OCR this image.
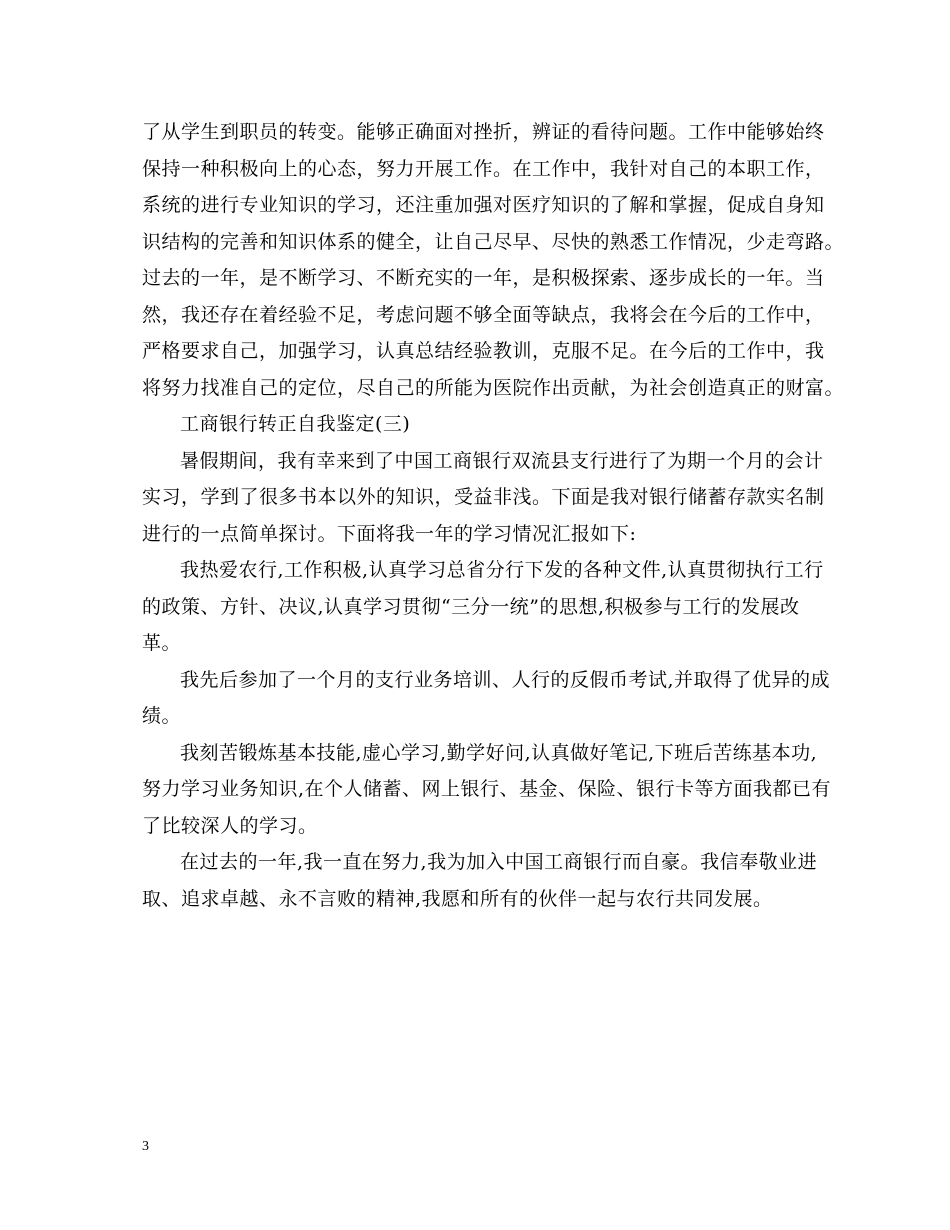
了从学生到职员的转变。能够正确面对挫折，辨证的看待问题。工作中能够始终
保持一种积极向上的心态，努力开展工作。在工作中，我针对自己的本职工作，
系统的进行专业知识的学习，还注重加强对医疗知识的了解和掌握，促成自身知
识结构的完善和知识体系的健全，让自己尽早、尽快的熟悉工作情况，少走弯路。
过去的一年，是不断学习、不断充实的一年，是积极探索、逐步成长的一年。当
然，我还存在着经验不足，考虑问题不够全面等缺点，我将会在今后的工作中，
严格要求自己，加强学习，认真总结经验教训，克服不足。在今后的工作中，我
将努力找准自己的定位，尽自己的所能为医院作出贡献，为社会创造真正的财富。
工商银行转正自我鉴定(三)
暑假期间，我有幸来到了中国工商银行双流县支行进行了为期一个月的会计
实习，学到了很多书本以外的知识，受益非浅。下面是我对银行储蓄存款实名制
进行的一点简单探讨。下面将我一年的学习情况汇报如下:
我热爱农行,工作积极,认真学习总省分行下发的各种文件,认真贯彻执行工行
的政策、方针、决议,认真学习贯彻“三分一统”的思想,积极参与工行的发展改
革。
我先后参加了一个月的支行业务培训、人行的反假币考试,并取得了优异的成
绩。
我刻苦锻炼基本技能,虚心学习,勤学好问,认真做好笔记,下班后苦练基本功,
努力学习业务知识,在个人储蓄、网上银行、基金、保险、银行卡等方面我都已有
了比较深人的学习。
在过去的一年,我一直在努力,我为加入中国工商银行而自豪。我信奉敬业进
取、追求卓越、永不言败的精神,我愿和所有的伙伴一起与农行共同发展。
3
